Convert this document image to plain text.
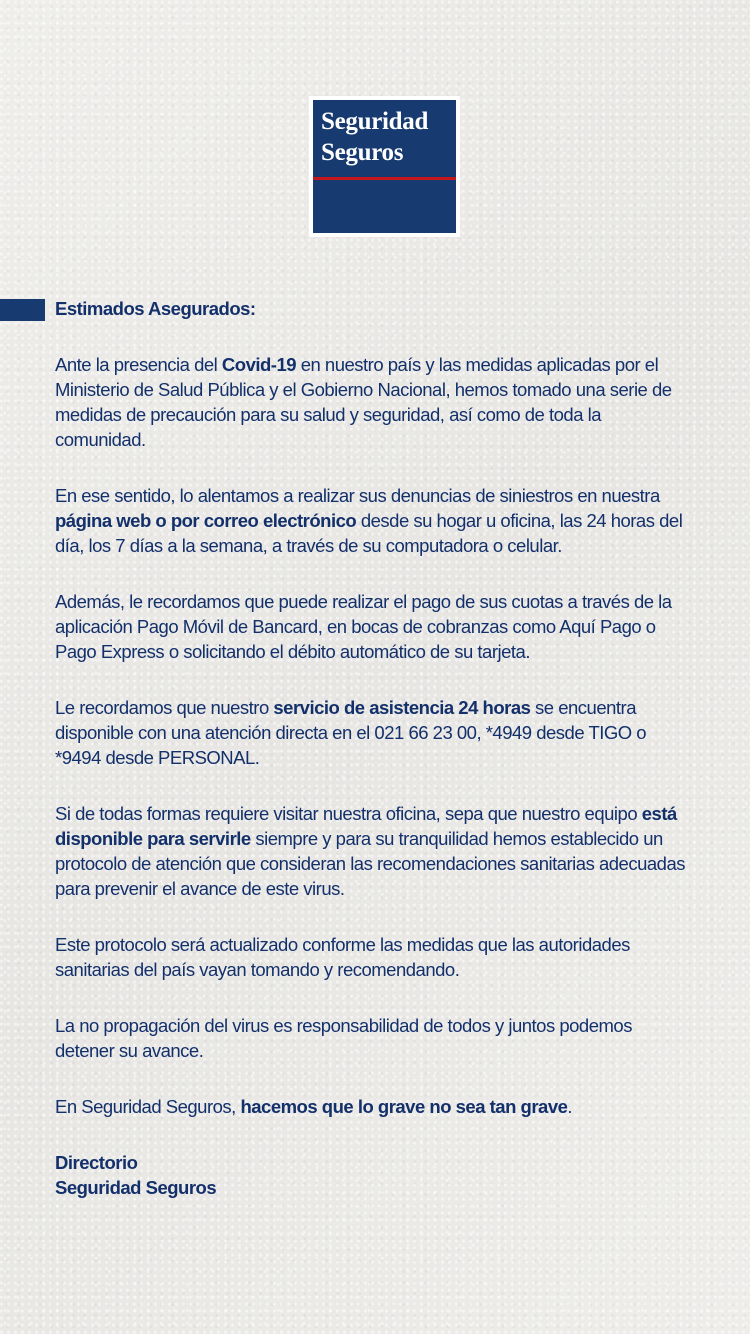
Seguridad
Seguros

Estimados Asegurados:

Ante la presencia del Covid-19 en nuestro país y las medidas aplicadas por el Ministerio de Salud Pública y el Gobierno Nacional, hemos tomado una serie de medidas de precaución para su salud y seguridad, así como de toda la comunidad.

En ese sentido, lo alentamos a realizar sus denuncias de siniestros en nuestra página web o por correo electrónico desde su hogar u oficina, las 24 horas del día, los 7 días a la semana, a través de su computadora o celular.

Además, le recordamos que puede realizar el pago de sus cuotas a través de la aplicación Pago Móvil de Bancard, en bocas de cobranzas como Aquí Pago o Pago Express o solicitando el débito automático de su tarjeta.

Le recordamos que nuestro servicio de asistencia 24 horas se encuentra disponible con una atención directa en el 021 66 23 00, *4949 desde TIGO o *9494 desde PERSONAL.

Si de todas formas requiere visitar nuestra oficina, sepa que nuestro equipo está disponible para servirle siempre y para su tranquilidad hemos establecido un protocolo de atención que consideran las recomendaciones sanitarias adecuadas para prevenir el avance de este virus.

Este protocolo será actualizado conforme las medidas que las autoridades sanitarias del país vayan tomando y recomendando.

La no propagación del virus es responsabilidad de todos y juntos podemos detener su avance.

En Seguridad Seguros, hacemos que lo grave no sea tan grave.

Directorio
Seguridad Seguros
